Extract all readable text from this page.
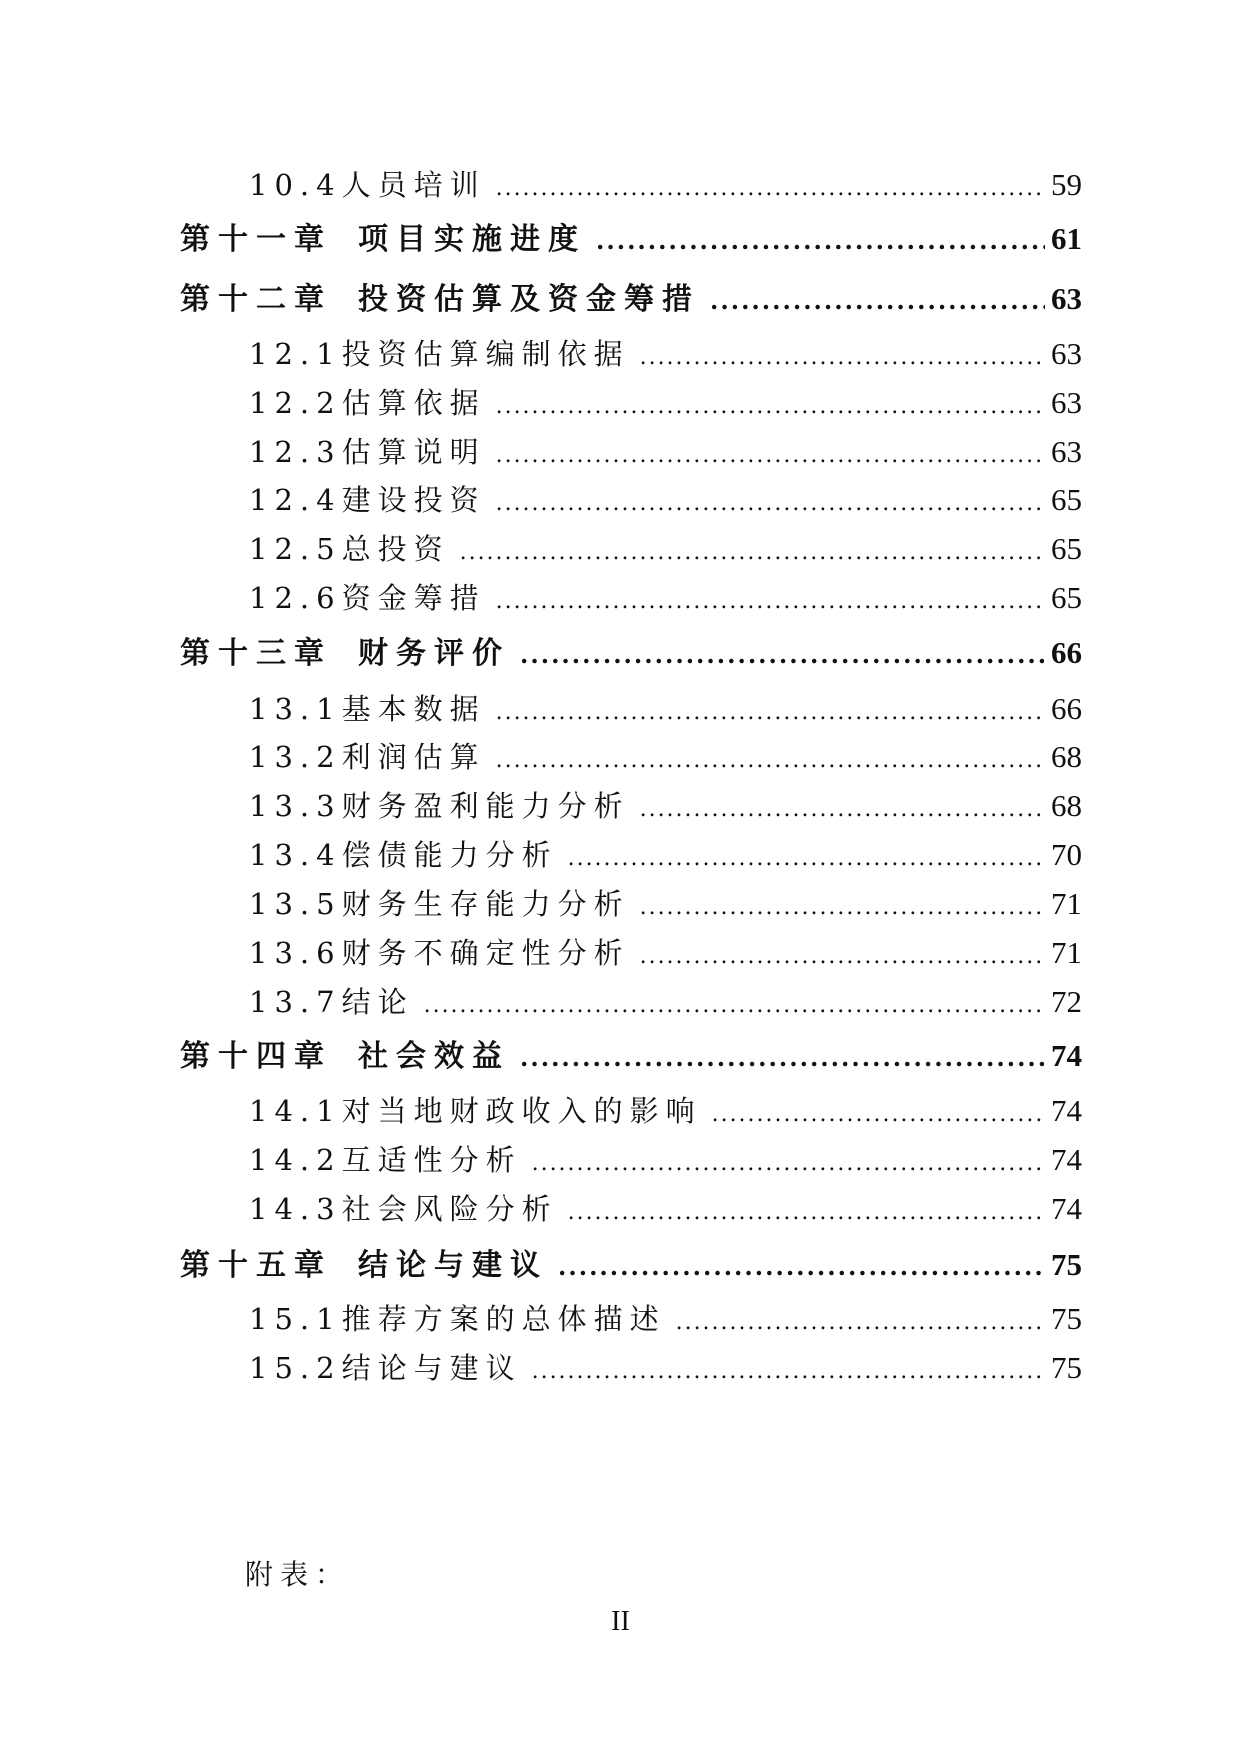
10.4人员培训 .....	59
第十一章 项目实施进度 .....	61
第十二章 投资估算及资金筹措 .....	63
12.1投资估算编制依据 .....	63
12.2估算依据 .....	63
12.3估算说明 .....	63
12.4建设投资 .....	65
12.5总投资 .....	65
12.6资金筹措 .....	65
第十三章 财务评价 .....	66
13.1基本数据 .....	66
13.2利润估算 .....	68
13.3财务盈利能力分析 .....	68
13.4偿债能力分析 .....	70
13.5财务生存能力分析 .....	71
13.6财务不确定性分析 .....	71
13.7结论 .....	72
第十四章 社会效益 .....	74
14.1对当地财政收入的影响 .....	74
14.2互适性分析 .....	74
14.3社会风险分析 .....	74
第十五章 结论与建议 .....	75
15.1推荐方案的总体描述 .....	75
15.2结论与建议 .....	75
附表：
II
